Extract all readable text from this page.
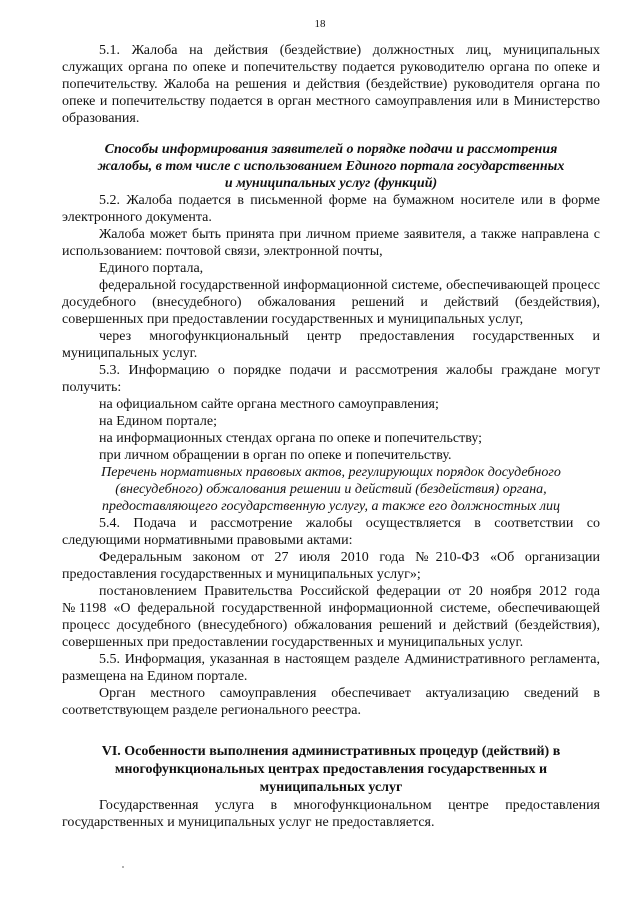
18

5.1. Жалоба на действия (бездействие) должностных лиц, муниципальных служащих органа по опеке и попечительству подается руководителю органа по опеке и попечительству. Жалоба на решения и действия (бездействие) руководителя органа по опеке и попечительству подается в орган местного самоуправления или в Министерство образования.

Способы информирования заявителей о порядке подачи и рассмотрения
жалобы, в том числе с использованием Единого портала государственных
и муниципальных услуг (функций)

5.2. Жалоба подается в письменной форме на бумажном носителе или в форме электронного документа.

Жалоба может быть принята при личном приеме заявителя, а также направлена с использованием: почтовой связи, электронной почты,

Единого портала,

федеральной государственной информационной системе, обеспечивающей процесс досудебного (внесудебного) обжалования решений и действий (бездействия), совершенных при предоставлении государственных и муниципальных услуг,

через многофункциональный центр предоставления государственных и муниципальных услуг.

5.3. Информацию о порядке подачи и рассмотрения жалобы граждане могут получить:

на официальном сайте органа местного самоуправления;

на Едином портале;

на информационных стендах органа по опеке и попечительству;

при личном обращении в орган по опеке и попечительству.

Перечень нормативных правовых актов, регулирующих порядок досудебного
(внесудебного) обжалования решении и действий (бездействия) органа,
предоставляющего государственную услугу, а также его должностных лиц

5.4. Подача и рассмотрение жалобы осуществляется в соответствии со следующими нормативными правовыми актами:

Федеральным законом от 27 июля 2010 года №210-ФЗ «Об организации предоставления государственных и муниципальных услуг»;

постановлением Правительства Российской федерации от 20 ноября 2012 года №1198 «О федеральной государственной информационной системе, обеспечивающей процесс досудебного (внесудебного) обжалования решений и действий (бездействия), совершенных при предоставлении государственных и муниципальных услуг.

5.5. Информация, указанная в настоящем разделе Административного регламента, размещена на Едином портале.

Орган местного самоуправления обеспечивает актуализацию сведений в соответствующем разделе регионального реестра.

VI. Особенности выполнения административных процедур (действий) в
многофункциональных центрах предоставления государственных и
муниципальных услуг

Государственная услуга в многофункциональном центре предоставления государственных и муниципальных услуг не предоставляется.
